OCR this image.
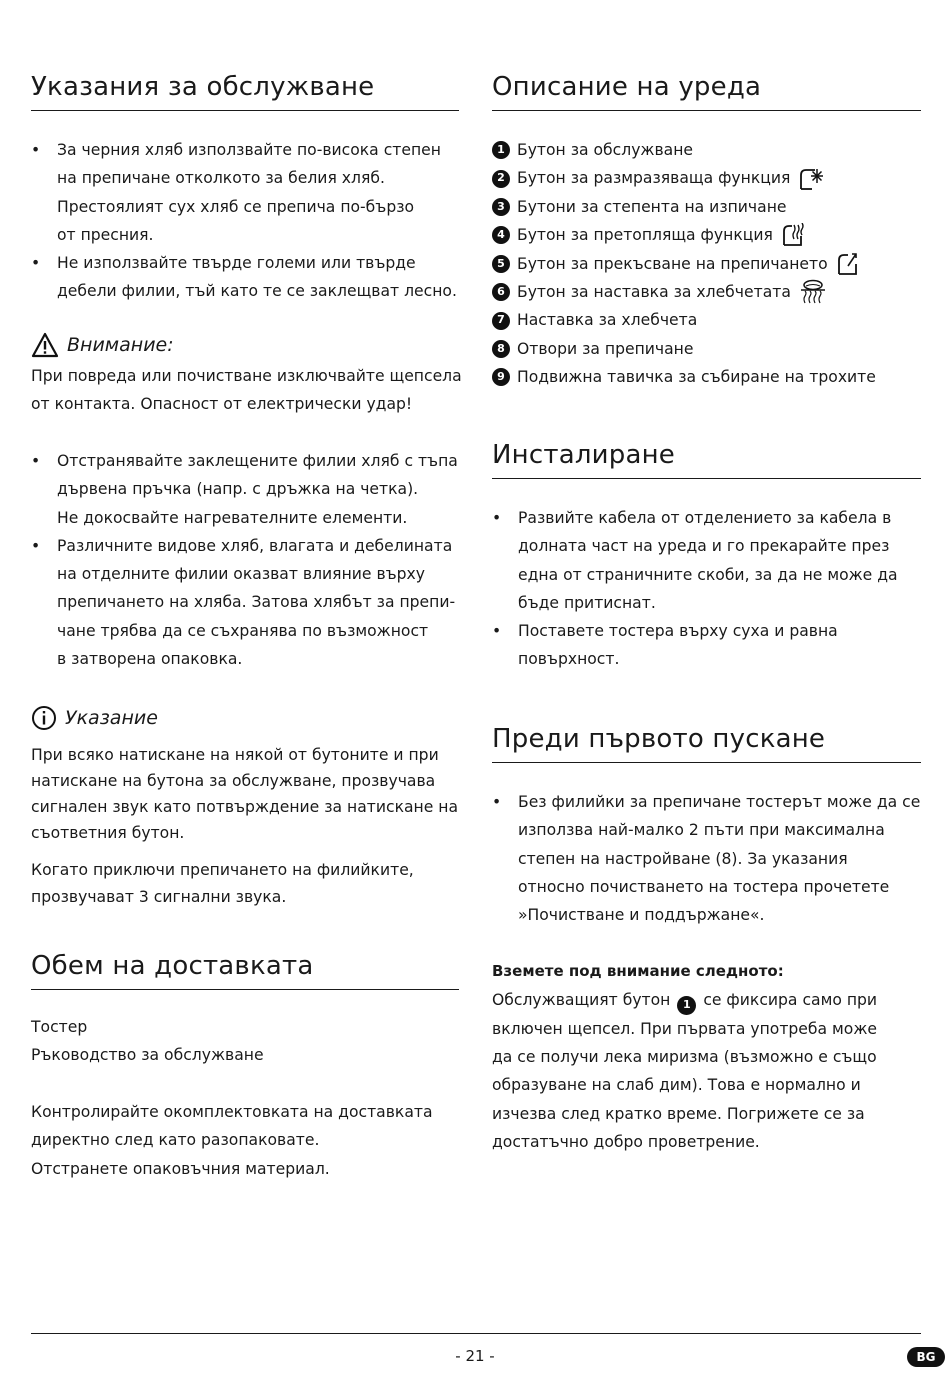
Указания за обслужване
• За черния хляб използвайте по-висока степен
на препичане отколкото за белия хляб.
Престоялият сух хляб се препича по-бързо
от пресния.
• Не използвайте твърде големи или твърде
дебели филии, тъй като те се заклещват лесно.
Внимание:
При повреда или почистване изключвайте щепсела
от контакта. Опасност от електрически удар!
• Отстранявайте заклещените филии хляб с тъпа
дървена пръчка (напр. с дръжка на четка).
Не докосвайте нагревателните елементи.
• Различните видове хляб, влагата и дебелината
на отделните филии оказват влияние върху
препичането на хляба. Затова хлябът за препи-
чане трябва да се съхранява по възможност
в затворена опаковка.
Указание
При всяко натискане на някой от бутоните и при
натискане на бутона за обслужване, прозвучава
сигнален звук като потвърждение за натискане на
съответния бутон.
Когато приключи препичането на филийките,
прозвучават 3 сигнални звука.
Обем на доставката
Тостер
Ръководство за обслужване
Контролирайте окомплектовката на доставката
директно след като разопаковате.
Отстранете опаковъчния материал.
Описание на уреда
1 Бутон за обслужване
2 Бутон за размразяваща функция
3 Бутони за степента на изпичане
4 Бутон за претопляща функция
5 Бутон за прекъсване на препичането
6 Бутон за наставка за хлебчетата
7 Наставка за хлебчета
8 Отвори за препичане
9 Подвижна тавичка за събиране на трохите
Инсталиране
• Развийте кабела от отделението за кабела в
долната част на уреда и го прекарайте през
една от страничните скоби, за да не може да
бъде притиснат.
• Поставете тостера върху суха и равна
повърхност.
Преди първото пускане
• Без филийки за препичане тостерът може да се
използва най-малко 2 пъти при максимална
степен на настройване (8). За указания
относно почистването на тостера прочетете
»Почистване и поддържане«.
Вземете под внимание следното:
Обслужващият бутон 1 се фиксира само при
включен щепсел. При първата употреба може
да се получи лека миризма (възможно е също
образуване на слаб дим). Това е нормално и
изчезва след кратко време. Погрижете се за
достатъчно добро проветрение.
- 21 -	BG
